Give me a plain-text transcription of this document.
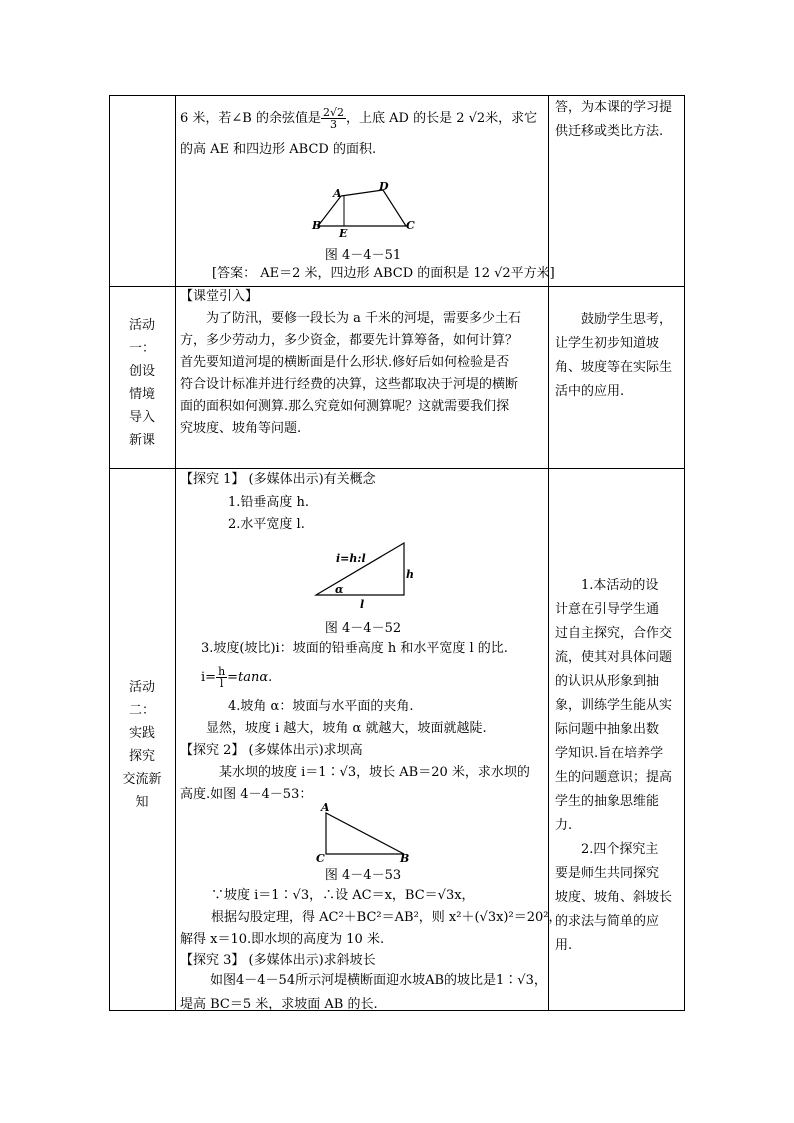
6 米，若∠B 的余弦值是 $\frac{2√2}{3}$ ，上底 AD 的长是 2 √2米，求它
的高 AE 和四边形 ABCD 的面积.
A
D
B
E
C
图 4－4－51
[答案： AE＝2 米，四边形 ABCD 的面积是 12 √2平方米]
答，为本课的学习提
供迁移或类比方法.
活动
一：
创设
情境
导入
新课
【课堂引入】
为了防汛，要修一段长为 a 千米的河堤，需要多少土石
方，多少劳动力，多少资金，都要先计算筹备，如何计算？
首先要知道河堤的横断面是什么形状.修好后如何检验是否
符合设计标准并进行经费的决算，这些都取决于河堤的横断
面的面积如何测算.那么究竟如何测算呢？这就需要我们探
究坡度、坡角等问题.
鼓励学生思考，
让学生初步知道坡
角、坡度等在实际生
活中的应用.
活动
二：
实践
探究
交流新
知
【探究 1】 (多媒体出示)有关概念
1.铅垂高度 h.
2.水平宽度 l.
i=h:l
h
α
l
图 4－4－52
3.坡度(坡比)i：坡面的铅垂高度 h 和水平宽度 l 的比.
$i= \frac{h}{l} =\tan\alpha$.
4.坡角 α：坡面与水平面的夹角.
显然，坡度 i 越大，坡角 α 就越大，坡面就越陡.
【探究 2】 (多媒体出示)求坝高
某水坝的坡度 i＝1∶√3，坡长 AB＝20 米，求水坝的
高度.如图 4－4－53：
A
C	B
图 4－4－53
∵坡度 i＝1∶√3，∴设 AC＝x，BC＝√3x，
根据勾股定理，得 AC²＋BC²＝AB²，则 x²＋(√3x)²＝20²，
解得 x＝10.即水坝的高度为 10 米.
【探究 3】 (多媒体出示)求斜坡长
如图4－4－54所示河堤横断面迎水坡AB的坡比是1∶√3，
堤高 BC＝5 米，求坡面 AB 的长.
1.本活动的设
计意在引导学生通
过自主探究，合作交
流，使其对具体问题
的认识从形象到抽
象，训练学生能从实
际问题中抽象出数
学知识.旨在培养学
生的问题意识；提高
学生的抽象思维能
力.
2.四个探究主
要是师生共同探究
坡度、坡角、斜坡长
的求法与简单的应
用.
